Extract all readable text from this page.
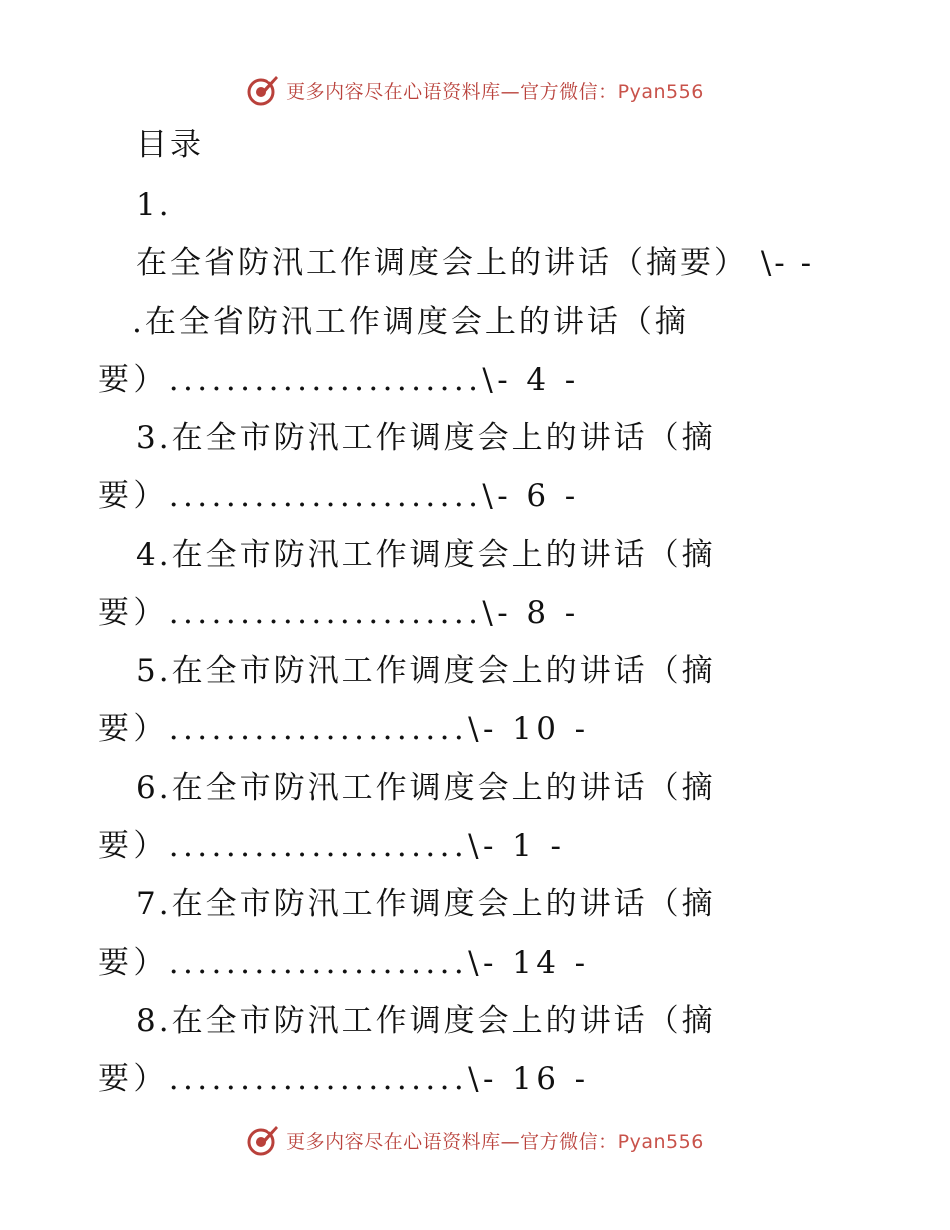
更多内容尽在心语资料库—官方微信：Pyan556
目录
1.
在全省防汛工作调度会上的讲话（摘要） \- -
.在全省防汛工作调度会上的讲话（摘
要）......................\- 4 -
3.在全市防汛工作调度会上的讲话（摘
要）......................\- 6 -
4.在全市防汛工作调度会上的讲话（摘
要）......................\- 8 -
5.在全市防汛工作调度会上的讲话（摘
要）.....................\- 10 -
6.在全市防汛工作调度会上的讲话（摘
要）.....................\- 1 -
7.在全市防汛工作调度会上的讲话（摘
要）.....................\- 14 -
8.在全市防汛工作调度会上的讲话（摘
要）.....................\- 16 -
更多内容尽在心语资料库—官方微信：Pyan556
